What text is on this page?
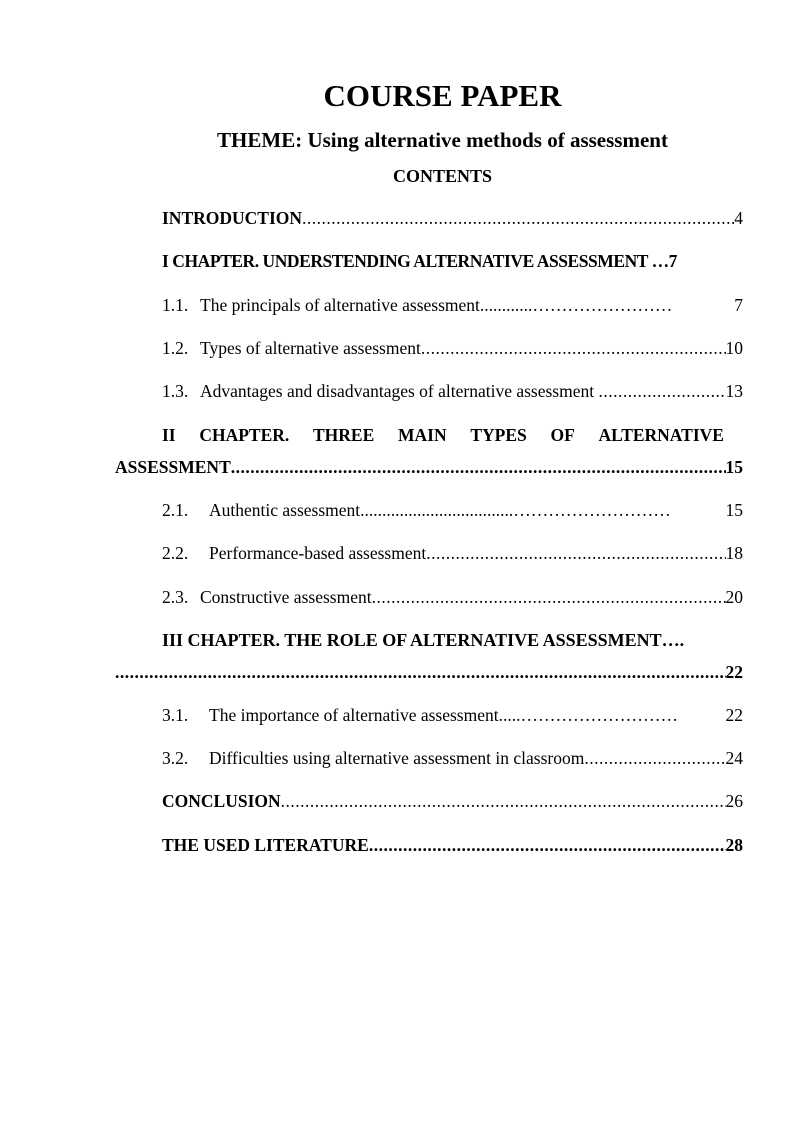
COURSE PAPER
THEME: Using alternative methods of assessment
CONTENTS
INTRODUCTION .....	4
I CHAPTER. UNDERSTENDING ALTERNATIVE ASSESSMENT …7
1.1. The principals of alternative assessment............……………………	7
1.2. Types of alternative assessment .....	10
1.3. Advantages and disadvantages of alternative assessment .....	13
II CHAPTER. THREE MAIN TYPES OF ALTERNATIVE
ASSESSMENT .....	15
2.1.	Authentic assessment...................................………………………	15
2.2.	Performance-based assessment .....	18
2.3. Constructive assessment .....	20
III CHAPTER. THE ROLE OF ALTERNATIVE ASSESSMENT….
.....
22
3.1.	The importance of alternative assessment.....………………………	22
3.2.	Difficulties using alternative assessment in classroom .....	24
CONCLUSION .....	26
THE USED LITERATURE .....	28
